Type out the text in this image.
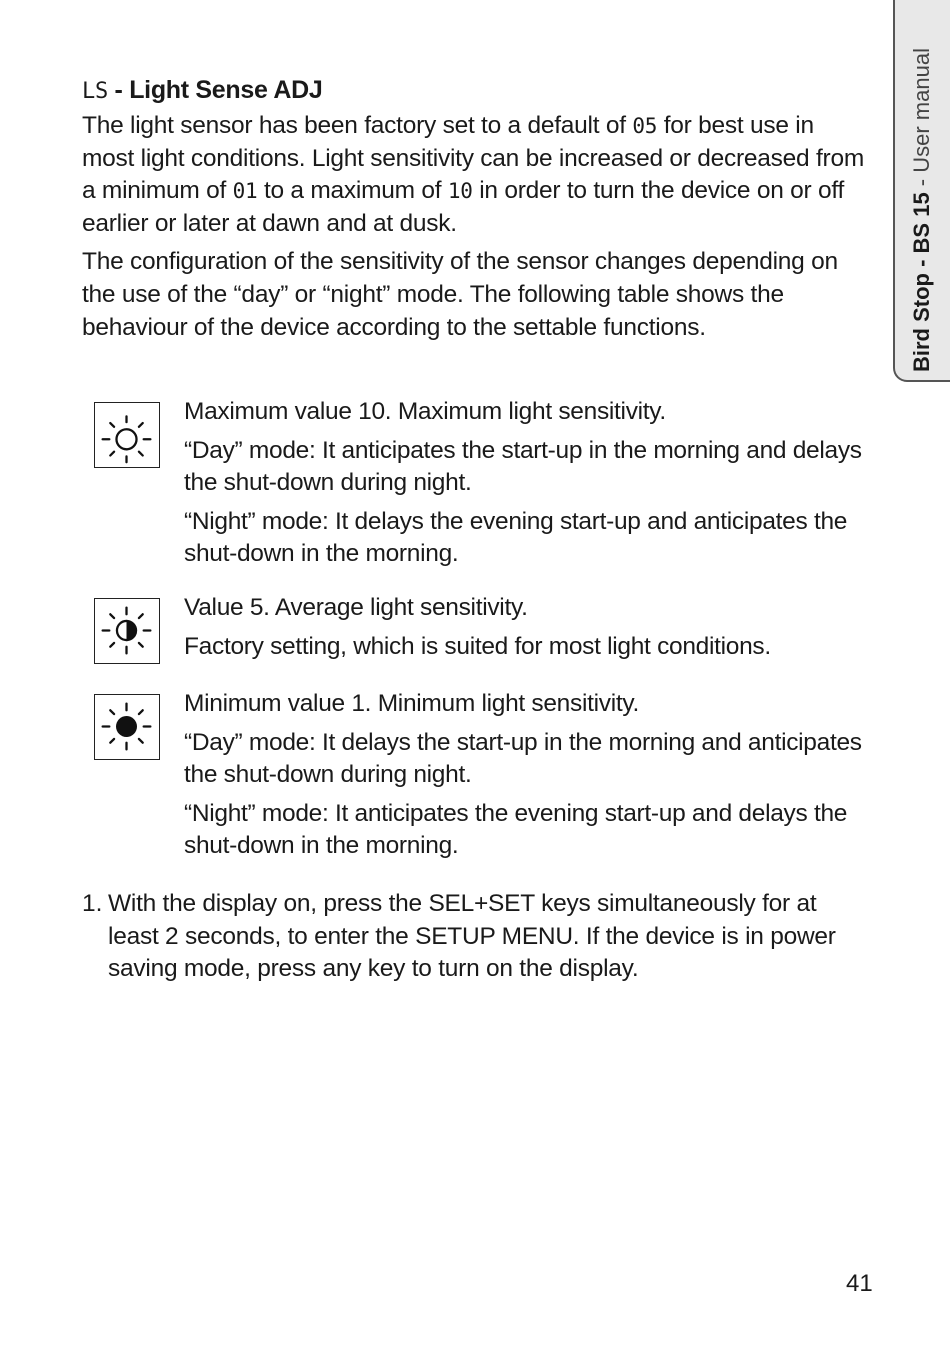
Bird Stop - BS 15 - User manual
LS - Light Sense ADJ

The light sensor has been factory set to a default of 05 for best use in most light conditions. Light sensitivity can be increased or decreased from a minimum of 01 to a maximum of 10 in order to turn the device on or off earlier or later at dawn and at dusk.

The configuration of the sensitivity of the sensor changes depending on the use of the “day” or “night” mode. The following table shows the behaviour of the device according to the settable functions.

Maximum value 10. Maximum light sensitivity.

“Day” mode: It anticipates the start-up in the morning and delays the shut-down during night.

“Night” mode: It delays the evening start-up and anticipates the shut-down in the morning.

Value 5. Average light sensitivity.

Factory setting, which is suited for most light conditions.

Minimum value 1. Minimum light sensitivity.

“Day” mode: It delays the start-up in the morning and anticipates the shut-down during night.

“Night” mode: It anticipates the evening start-up and delays the shut-down in the morning.

1. With the display on, press the SEL+SET keys simultaneously for at least 2 seconds, to enter the SETUP MENU. If the device is in power saving mode, press any key to turn on the display.

41
